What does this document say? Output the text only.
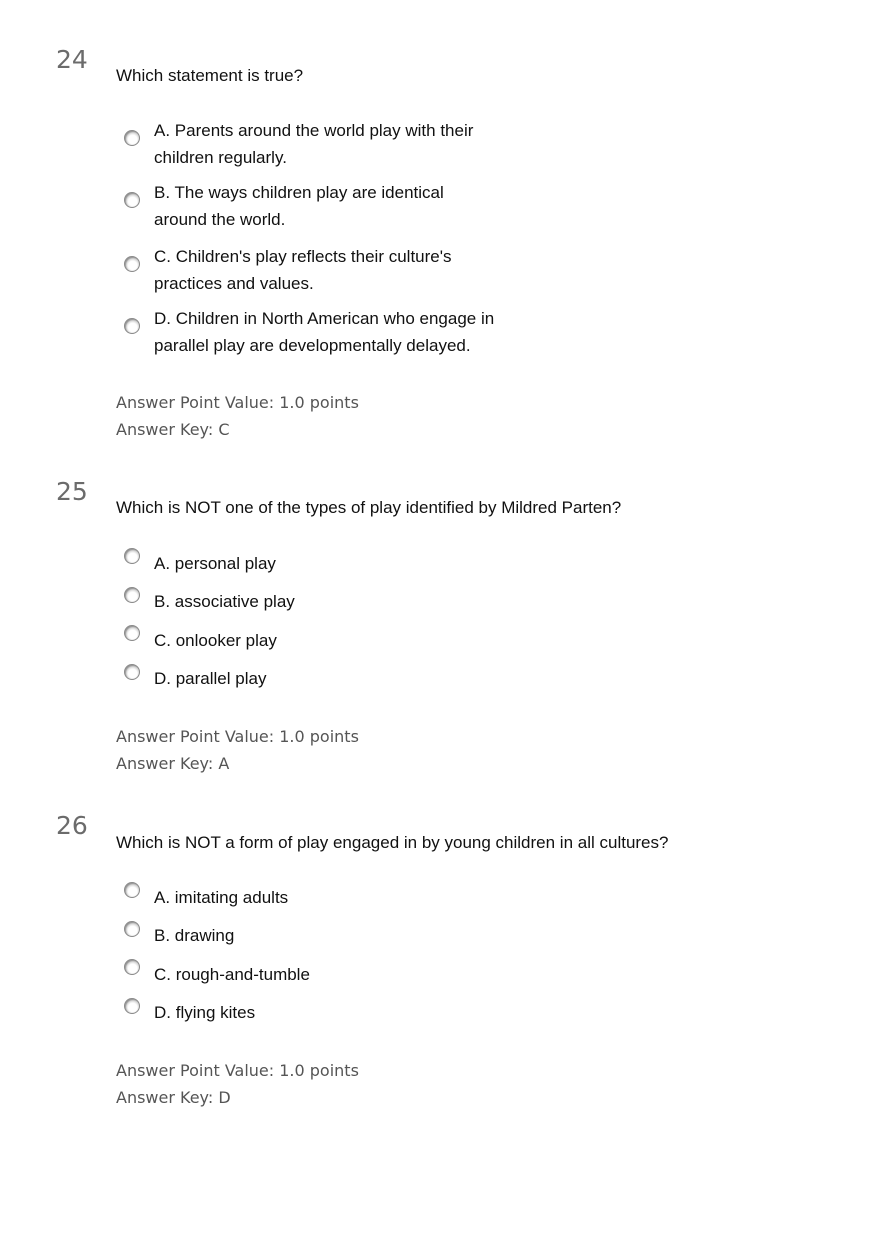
24
Which statement is true?
A. Parents around the world play with their
children regularly.
B. The ways children play are identical
around the world.
C. Children's play reflects their culture's
practices and values.
D. Children in North American who engage in
parallel play are developmentally delayed.
Answer Point Value: 1.0 points
Answer Key: C
25
Which is NOT one of the types of play identified by Mildred Parten?
A. personal play
B. associative play
C. onlooker play
D. parallel play
Answer Point Value: 1.0 points
Answer Key: A
26
Which is NOT a form of play engaged in by young children in all cultures?
A. imitating adults
B. drawing
C. rough-and-tumble
D. flying kites
Answer Point Value: 1.0 points
Answer Key: D
